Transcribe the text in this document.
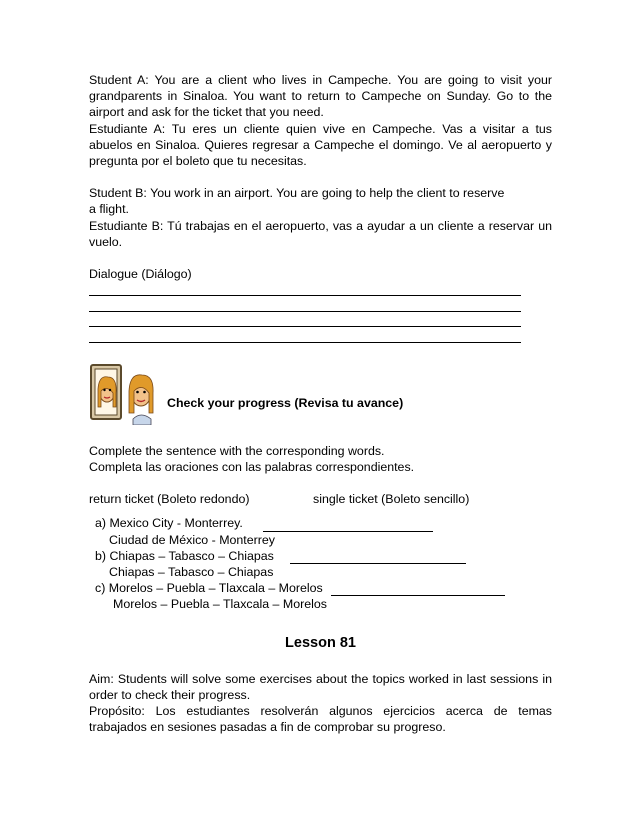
Student A: You are a client who lives in Campeche. You are going to visit your grandparents in Sinaloa. You want to return to Campeche on Sunday. Go to the airport and ask for the ticket that you need.

Estudiante A: Tu eres un cliente quien vive en Campeche. Vas a visitar a tus abuelos en Sinaloa. Quieres regresar a Campeche el domingo. Ve al aeropuerto y pregunta por el boleto que tu necesitas.

Student B: You work in an airport. You are going to help the client to reserve a flight.

Estudiante B: Tú trabajas en el aeropuerto, vas a ayudar a un cliente a reservar un vuelo.

Dialogue (Diálogo)

Check your progress (Revisa tu avance)

Complete the sentence with the corresponding words.

Completa las oraciones con las palabras correspondientes.

return ticket (Boleto redondo)	single ticket (Boleto sencillo)
a) Mexico City - Monterrey.
Ciudad de México - Monterrey
b) Chiapas – Tabasco – Chiapas
Chiapas – Tabasco – Chiapas
c) Morelos – Puebla – Tlaxcala – Morelos
Morelos – Puebla – Tlaxcala – Morelos
Lesson 81

Aim: Students will solve some exercises about the topics worked in last sessions in order to check their progress.

Propósito: Los estudiantes resolverán algunos ejercicios acerca de temas trabajados en sesiones pasadas a fin de comprobar su progreso.
